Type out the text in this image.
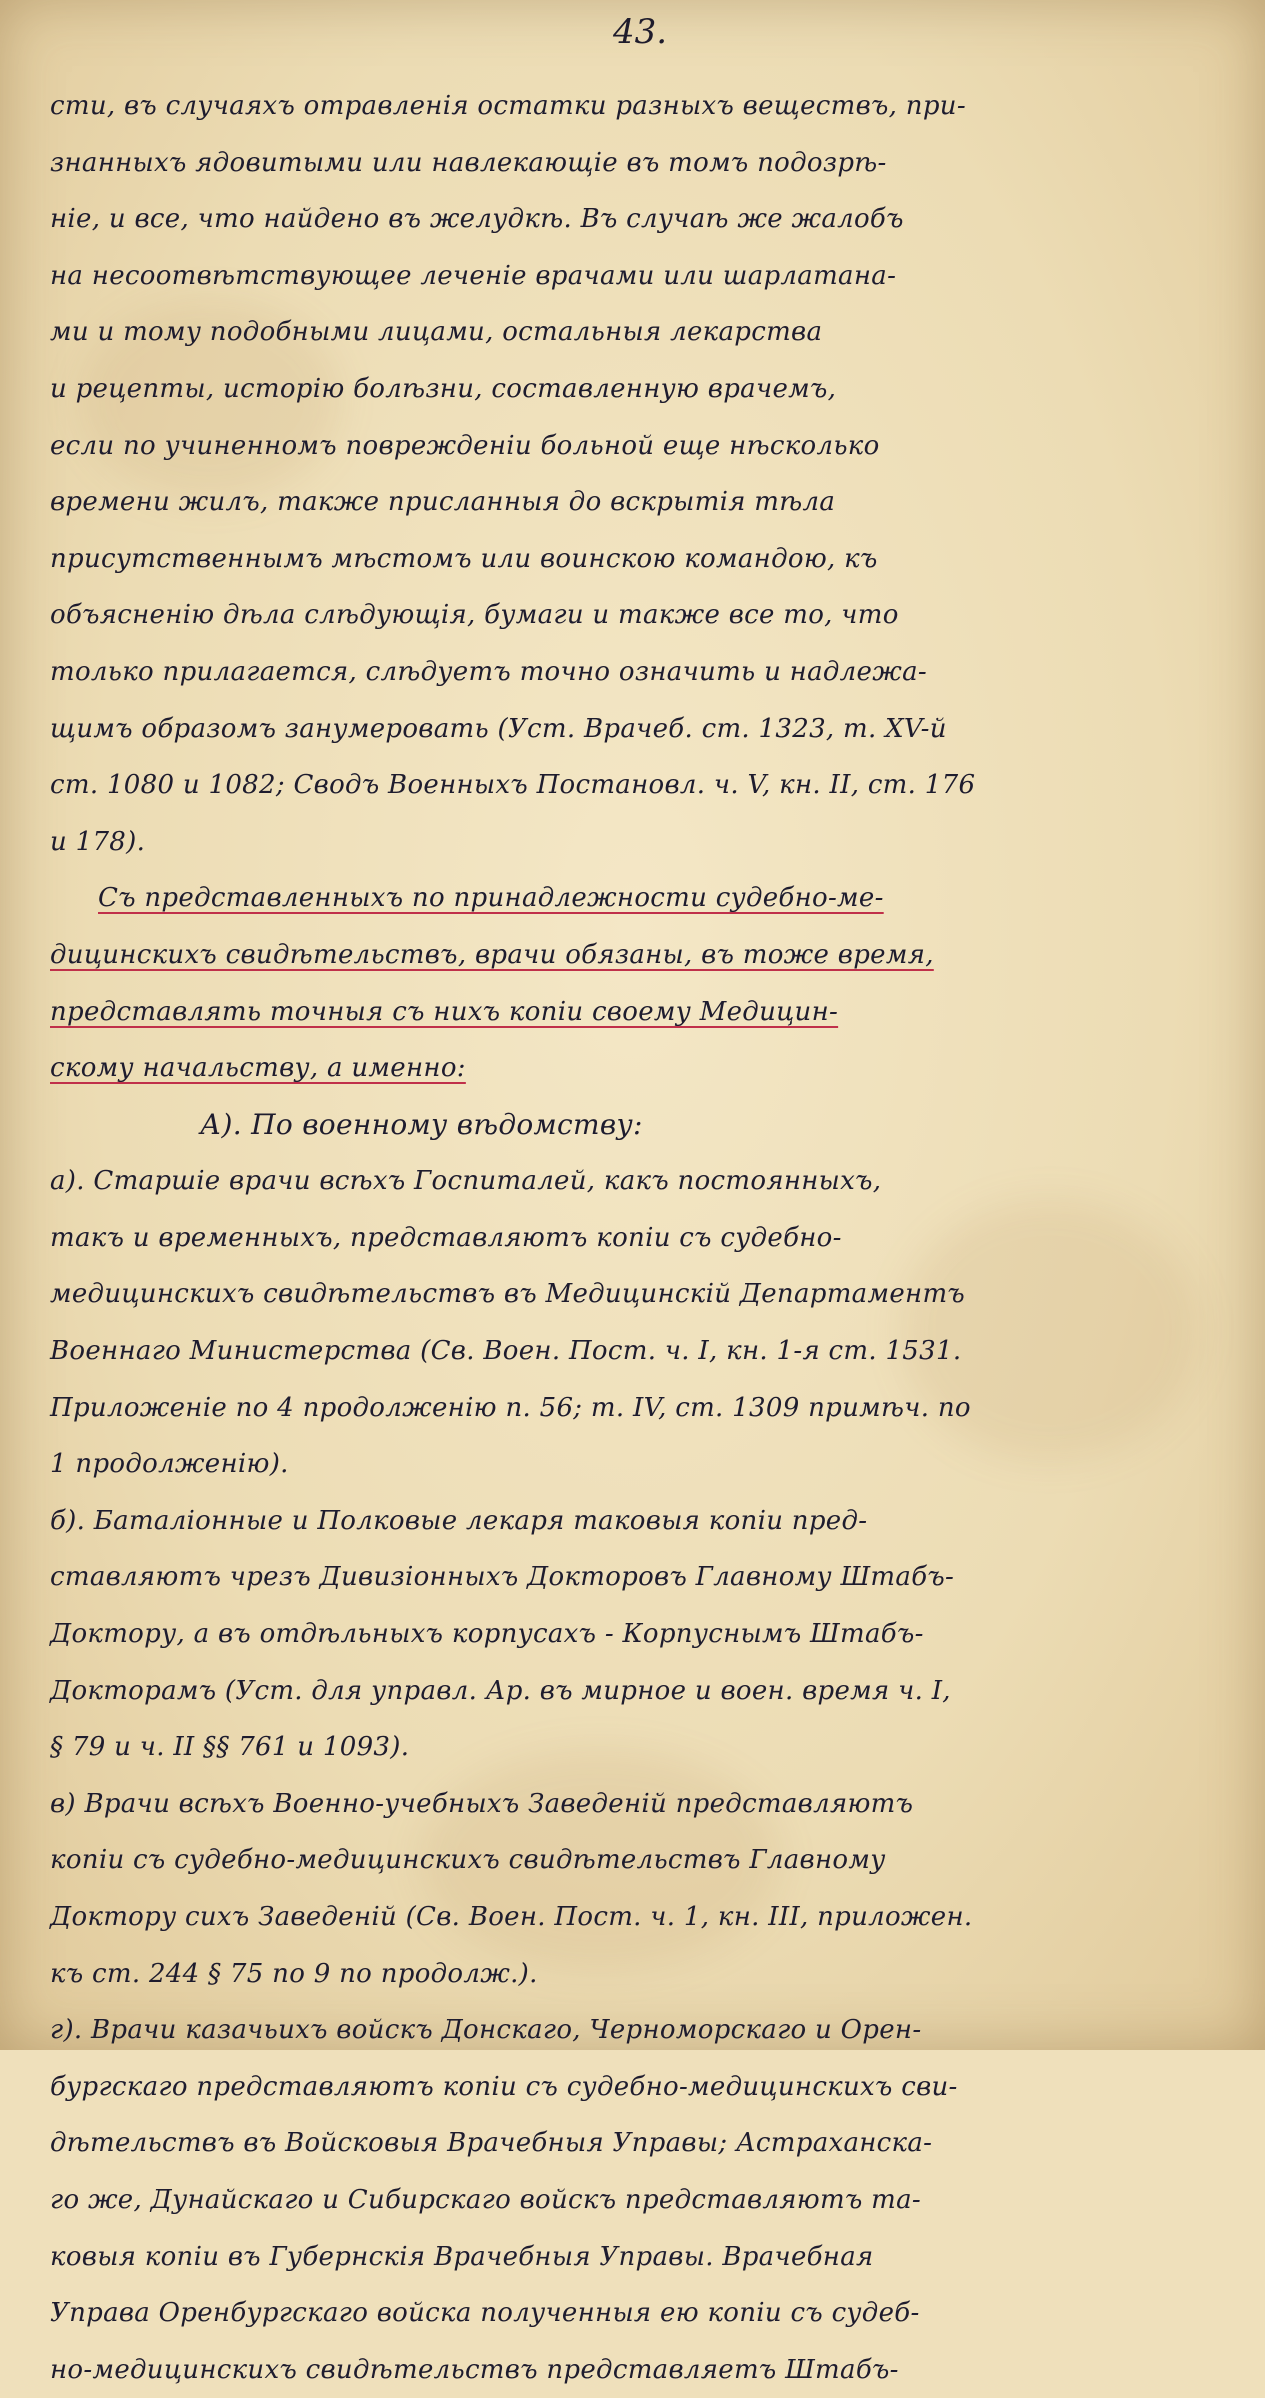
43.
сти, въ случаяхъ отравленія остатки разныхъ веществъ, при-
знанныхъ ядовитыми или навлекающіе въ томъ подозрѣ-
ніе, и все, что найдено въ желудкѣ. Въ случаѣ же жалобъ
на несоотвѣтствующее леченіе врачами или шарлатана-
ми и тому подобными лицами, остальныя лекарства
и рецепты, исторію болѣзни, составленную врачемъ,
если по учиненномъ поврежденіи больной еще нѣсколько
времени жилъ, также присланныя до вскрытія тѣла
присутственнымъ мѣстомъ или воинскою командою, къ
объясненію дѣла слѣдующія, бумаги и также все то, что
только прилагается, слѣдуетъ точно означить и надлежа-
щимъ образомъ занумеровать (Уст. Врачеб. ст. 1323, т. XV-й
ст. 1080 и 1082; Сводъ Военныхъ Постановл. ч. V, кн. II, ст. 176
и 178).
Съ представленныхъ по принадлежности судебно-ме-
дицинскихъ свидѣтельствъ, врачи обязаны, въ тоже время,
представлять точныя съ нихъ копіи своему Медицин-
скому начальству, а именно:
А). По военному вѣдомству:
а). Старшіе врачи всѣхъ Госпиталей, какъ постоянныхъ,
такъ и временныхъ, представляютъ копіи съ судебно-
медицинскихъ свидѣтельствъ въ Медицинскій Департаментъ
Военнаго Министерства (Св. Воен. Пост. ч. I, кн. 1-я ст. 1531.
Приложеніе по 4 продолженію п. 56; т. IV, ст. 1309 примѣч. по
1 продолженію).
б). Баталіонные и Полковые лекаря таковыя копіи пред-
ставляютъ чрезъ Дивизіонныхъ Докторовъ Главному Штабъ-
Доктору, а въ отдѣльныхъ корпусахъ - Корпуснымъ Штабъ-
Докторамъ (Уст. для управл. Ар. въ мирное и воен. время ч. I,
§ 79 и ч. II §§ 761 и 1093).
в) Врачи всѣхъ Военно-учебныхъ Заведеній представляютъ
копіи съ судебно-медицинскихъ свидѣтельствъ Главному
Доктору сихъ Заведеній (Св. Воен. Пост. ч. 1, кн. III, приложен.
къ ст. 244 § 75 по 9 по продолж.).
г). Врачи казачьихъ войскъ Донскаго, Черноморскаго и Орен-
бургскаго представляютъ копіи съ судебно-медицинскихъ сви-
дѣтельствъ въ Войсковыя Врачебныя Управы; Астраханска-
го же, Дунайскаго и Сибирскаго войскъ представляютъ та-
ковыя копіи въ Губернскія Врачебныя Управы. Врачебная
Управа Оренбургскаго войска полученныя ею копіи съ судеб-
но-медицинскихъ свидѣтельствъ представляетъ Штабъ-
